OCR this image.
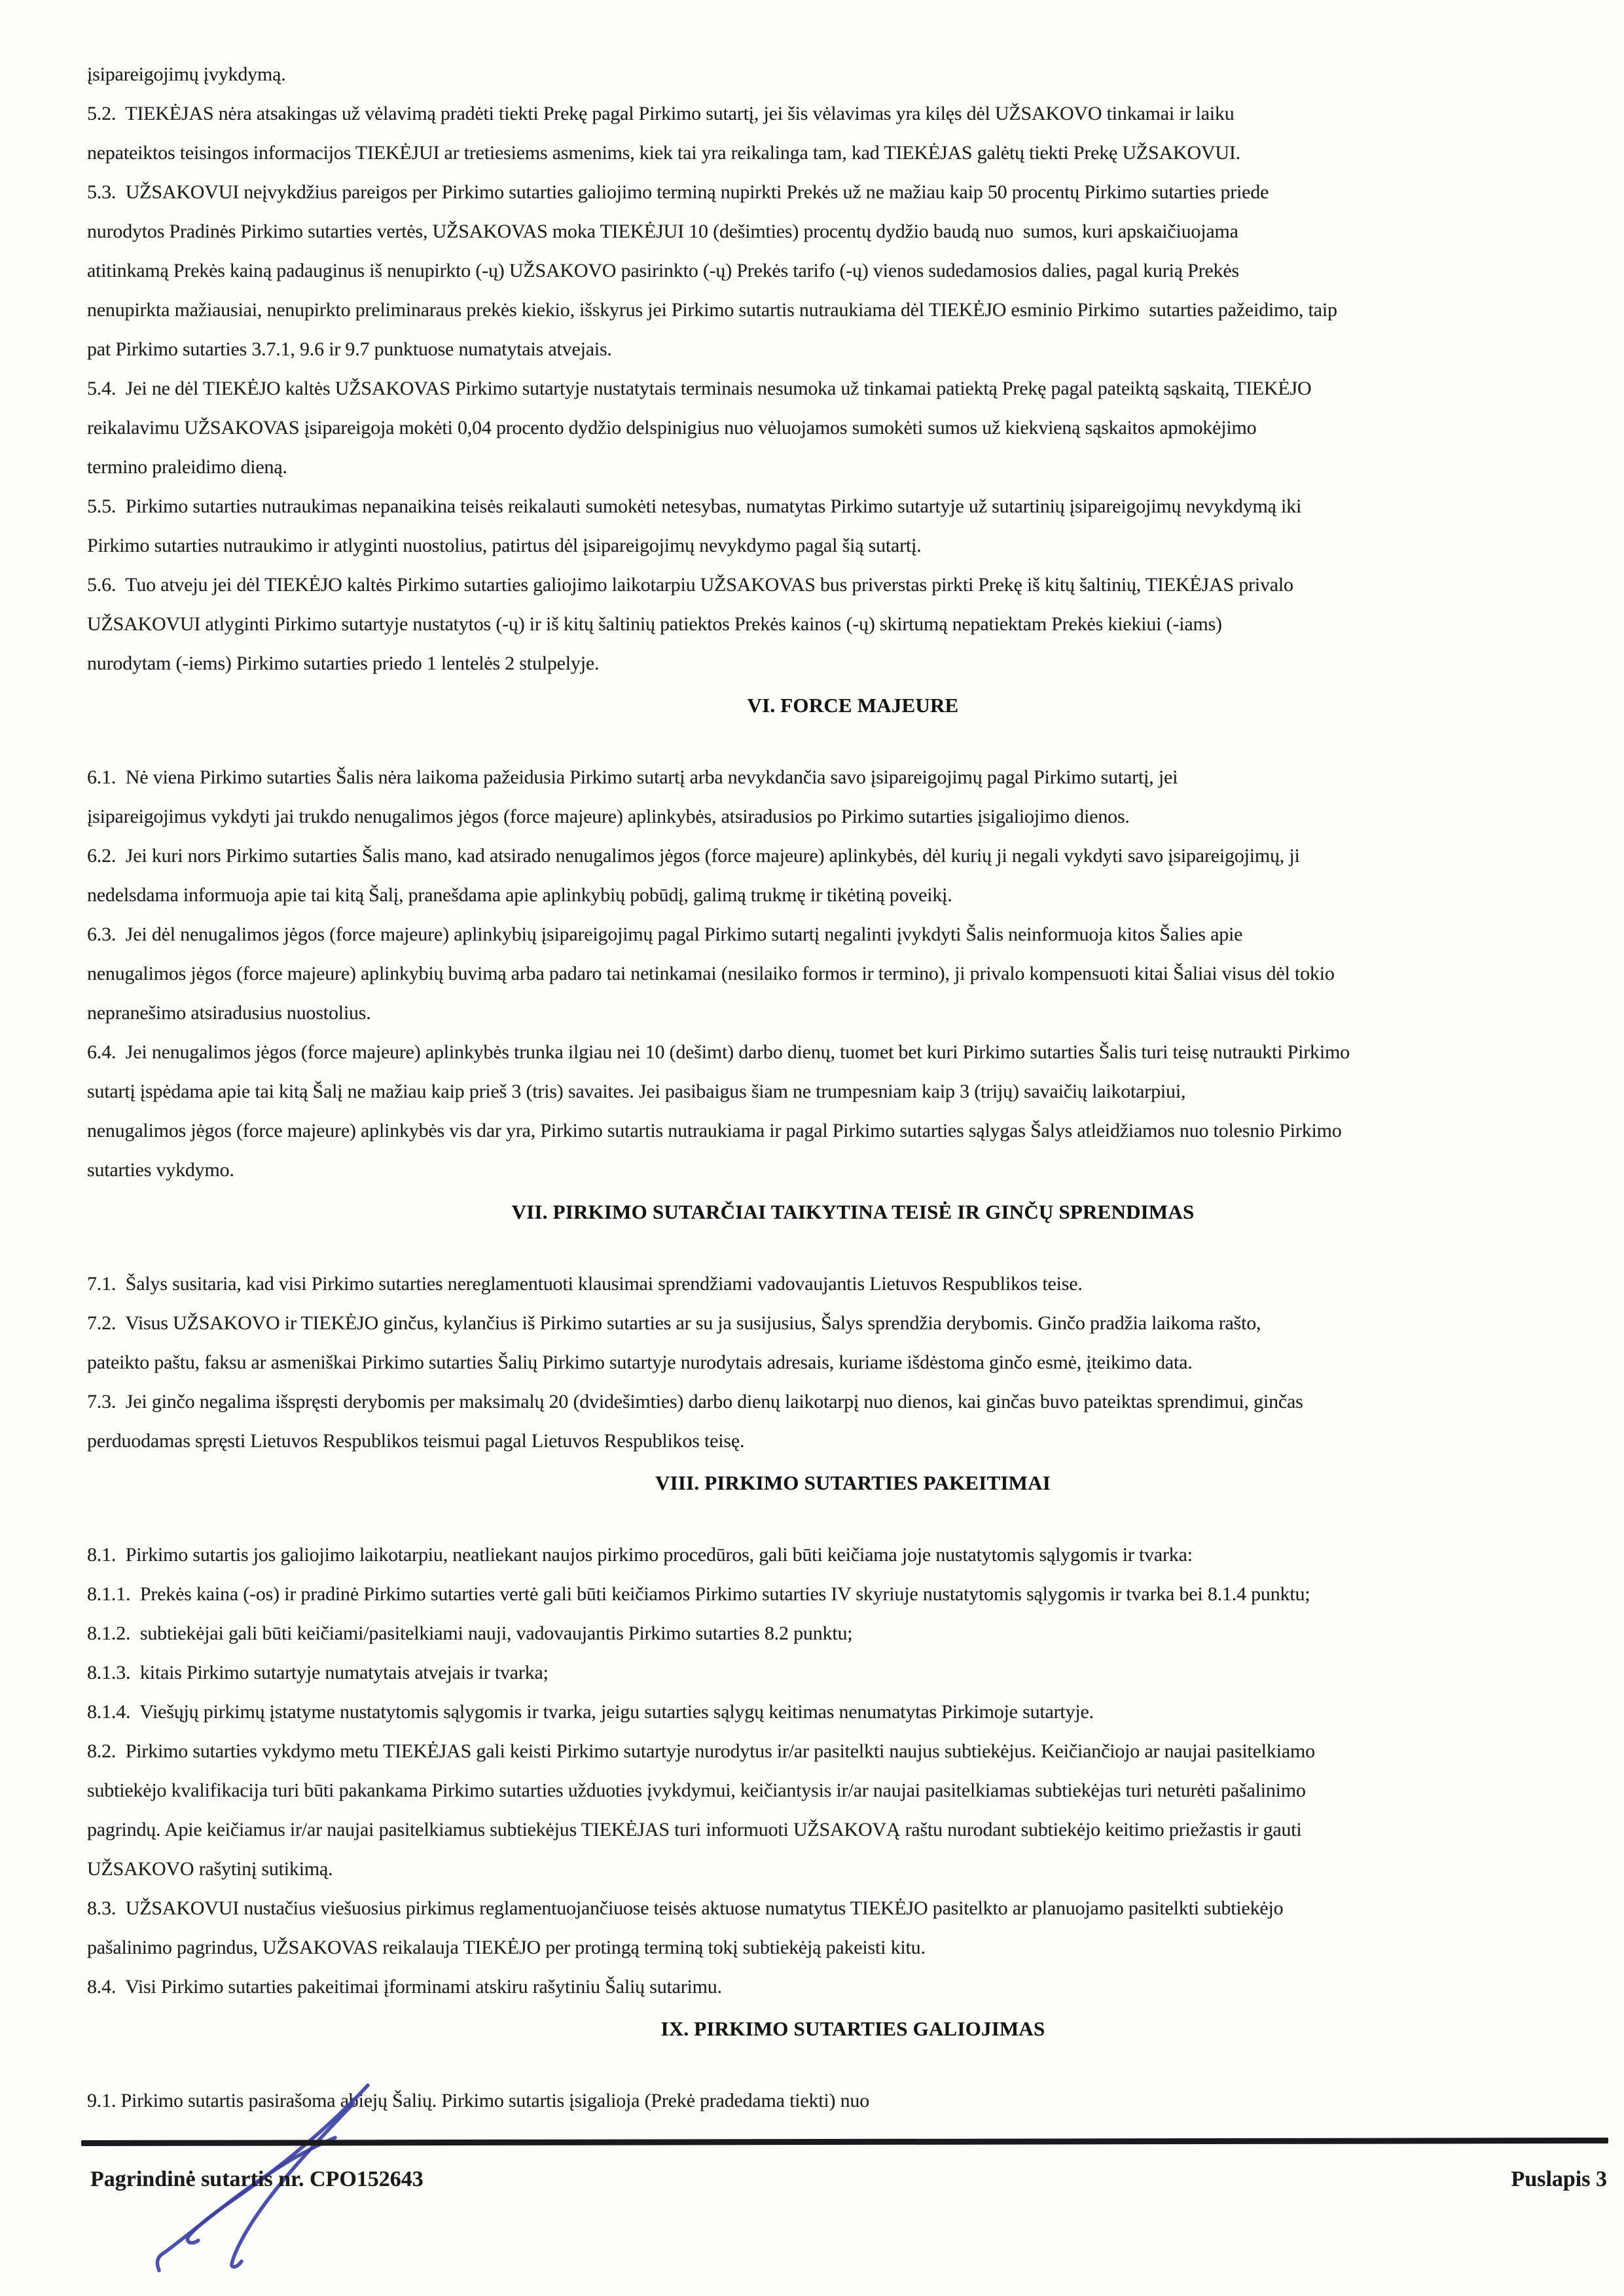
įsipareigojimų įvykdymą.
5.2.  TIEKĖJAS nėra atsakingas už vėlavimą pradėti tiekti Prekę pagal Pirkimo sutartį, jei šis vėlavimas yra kilęs dėl UŽSAKOVO tinkamai ir laiku
nepateiktos teisingos informacijos TIEKĖJUI ar tretiesiems asmenims, kiek tai yra reikalinga tam, kad TIEKĖJAS galėtų tiekti Prekę UŽSAKOVUI.
5.3.  UŽSAKOVUI neįvykdžius pareigos per Pirkimo sutarties galiojimo terminą nupirkti Prekės už ne mažiau kaip 50 procentų Pirkimo sutarties priede
nurodytos Pradinės Pirkimo sutarties vertės, UŽSAKOVAS moka TIEKĖJUI 10 (dešimties) procentų dydžio baudą nuo  sumos, kuri apskaičiuojama
atitinkamą Prekės kainą padauginus iš nenupirkto (-ų) UŽSAKOVO pasirinkto (-ų) Prekės tarifo (-ų) vienos sudedamosios dalies, pagal kurią Prekės
nenupirkta mažiausiai, nenupirkto preliminaraus prekės kiekio, išskyrus jei Pirkimo sutartis nutraukiama dėl TIEKĖJO esminio Pirkimo  sutarties pažeidimo, taip
pat Pirkimo sutarties 3.7.1, 9.6 ir 9.7 punktuose numatytais atvejais.
5.4.  Jei ne dėl TIEKĖJO kaltės UŽSAKOVAS Pirkimo sutartyje nustatytais terminais nesumoka už tinkamai patiektą Prekę pagal pateiktą sąskaitą, TIEKĖJO
reikalavimu UŽSAKOVAS įsipareigoja mokėti 0,04 procento dydžio delspinigius nuo vėluojamos sumokėti sumos už kiekvieną sąskaitos apmokėjimo
termino praleidimo dieną.
5.5.  Pirkimo sutarties nutraukimas nepanaikina teisės reikalauti sumokėti netesybas, numatytas Pirkimo sutartyje už sutartinių įsipareigojimų nevykdymą iki
Pirkimo sutarties nutraukimo ir atlyginti nuostolius, patirtus dėl įsipareigojimų nevykdymo pagal šią sutartį.
5.6.  Tuo atveju jei dėl TIEKĖJO kaltės Pirkimo sutarties galiojimo laikotarpiu UŽSAKOVAS bus priverstas pirkti Prekę iš kitų šaltinių, TIEKĖJAS privalo
UŽSAKOVUI atlyginti Pirkimo sutartyje nustatytos (-ų) ir iš kitų šaltinių patiektos Prekės kainos (-ų) skirtumą nepatiektam Prekės kiekiui (-iams)
nurodytam (-iems) Pirkimo sutarties priedo 1 lentelės 2 stulpelyje.
VI. FORCE MAJEURE
6.1.  Nė viena Pirkimo sutarties Šalis nėra laikoma pažeidusia Pirkimo sutartį arba nevykdančia savo įsipareigojimų pagal Pirkimo sutartį, jei
įsipareigojimus vykdyti jai trukdo nenugalimos jėgos (force majeure) aplinkybės, atsiradusios po Pirkimo sutarties įsigaliojimo dienos.
6.2.  Jei kuri nors Pirkimo sutarties Šalis mano, kad atsirado nenugalimos jėgos (force majeure) aplinkybės, dėl kurių ji negali vykdyti savo įsipareigojimų, ji
nedelsdama informuoja apie tai kitą Šalį, pranešdama apie aplinkybių pobūdį, galimą trukmę ir tikėtiną poveikį.
6.3.  Jei dėl nenugalimos jėgos (force majeure) aplinkybių įsipareigojimų pagal Pirkimo sutartį negalinti įvykdyti Šalis neinformuoja kitos Šalies apie
nenugalimos jėgos (force majeure) aplinkybių buvimą arba padaro tai netinkamai (nesilaiko formos ir termino), ji privalo kompensuoti kitai Šaliai visus dėl tokio
nepranešimo atsiradusius nuostolius.
6.4.  Jei nenugalimos jėgos (force majeure) aplinkybės trunka ilgiau nei 10 (dešimt) darbo dienų, tuomet bet kuri Pirkimo sutarties Šalis turi teisę nutraukti Pirkimo
sutartį įspėdama apie tai kitą Šalį ne mažiau kaip prieš 3 (tris) savaites. Jei pasibaigus šiam ne trumpesniam kaip 3 (trijų) savaičių laikotarpiui,
nenugalimos jėgos (force majeure) aplinkybės vis dar yra, Pirkimo sutartis nutraukiama ir pagal Pirkimo sutarties sąlygas Šalys atleidžiamos nuo tolesnio Pirkimo
sutarties vykdymo.
VII. PIRKIMO SUTARČIAI TAIKYTINA TEISĖ IR GINČŲ SPRENDIMAS
7.1.  Šalys susitaria, kad visi Pirkimo sutarties nereglamentuoti klausimai sprendžiami vadovaujantis Lietuvos Respublikos teise.
7.2.  Visus UŽSAKOVO ir TIEKĖJO ginčus, kylančius iš Pirkimo sutarties ar su ja susijusius, Šalys sprendžia derybomis. Ginčo pradžia laikoma rašto,
pateikto paštu, faksu ar asmeniškai Pirkimo sutarties Šalių Pirkimo sutartyje nurodytais adresais, kuriame išdėstoma ginčo esmė, įteikimo data.
7.3.  Jei ginčo negalima išspręsti derybomis per maksimalų 20 (dvidešimties) darbo dienų laikotarpį nuo dienos, kai ginčas buvo pateiktas sprendimui, ginčas
perduodamas spręsti Lietuvos Respublikos teismui pagal Lietuvos Respublikos teisę.
VIII. PIRKIMO SUTARTIES PAKEITIMAI
8.1.  Pirkimo sutartis jos galiojimo laikotarpiu, neatliekant naujos pirkimo procedūros, gali būti keičiama joje nustatytomis sąlygomis ir tvarka:
8.1.1.  Prekės kaina (-os) ir pradinė Pirkimo sutarties vertė gali būti keičiamos Pirkimo sutarties IV skyriuje nustatytomis sąlygomis ir tvarka bei 8.1.4 punktu;
8.1.2.  subtiekėjai gali būti keičiami/pasitelkiami nauji, vadovaujantis Pirkimo sutarties 8.2 punktu;
8.1.3.  kitais Pirkimo sutartyje numatytais atvejais ir tvarka;
8.1.4.  Viešųjų pirkimų įstatyme nustatytomis sąlygomis ir tvarka, jeigu sutarties sąlygų keitimas nenumatytas Pirkimoje sutartyje.
8.2.  Pirkimo sutarties vykdymo metu TIEKĖJAS gali keisti Pirkimo sutartyje nurodytus ir/ar pasitelkti naujus subtiekėjus. Keičiančiojo ar naujai pasitelkiamo
subtiekėjo kvalifikacija turi būti pakankama Pirkimo sutarties užduoties įvykdymui, keičiantysis ir/ar naujai pasitelkiamas subtiekėjas turi neturėti pašalinimo
pagrindų. Apie keičiamus ir/ar naujai pasitelkiamus subtiekėjus TIEKĖJAS turi informuoti UŽSAKOVĄ raštu nurodant subtiekėjo keitimo priežastis ir gauti
UŽSAKOVO rašytinį sutikimą.
8.3.  UŽSAKOVUI nustačius viešuosius pirkimus reglamentuojančiuose teisės aktuose numatytus TIEKĖJO pasitelkto ar planuojamo pasitelkti subtiekėjo
pašalinimo pagrindus, UŽSAKOVAS reikalauja TIEKĖJO per protingą terminą tokį subtiekėją pakeisti kitu.
8.4.  Visi Pirkimo sutarties pakeitimai įforminami atskiru rašytiniu Šalių sutarimu.
IX. PIRKIMO SUTARTIES GALIOJIMAS
9.1. Pirkimo sutartis pasirašoma abiejų Šalių. Pirkimo sutartis įsigalioja (Prekė pradedama tiekti) nuo
Pagrindinė sutartis nr. CPO152643	Puslapis 3
